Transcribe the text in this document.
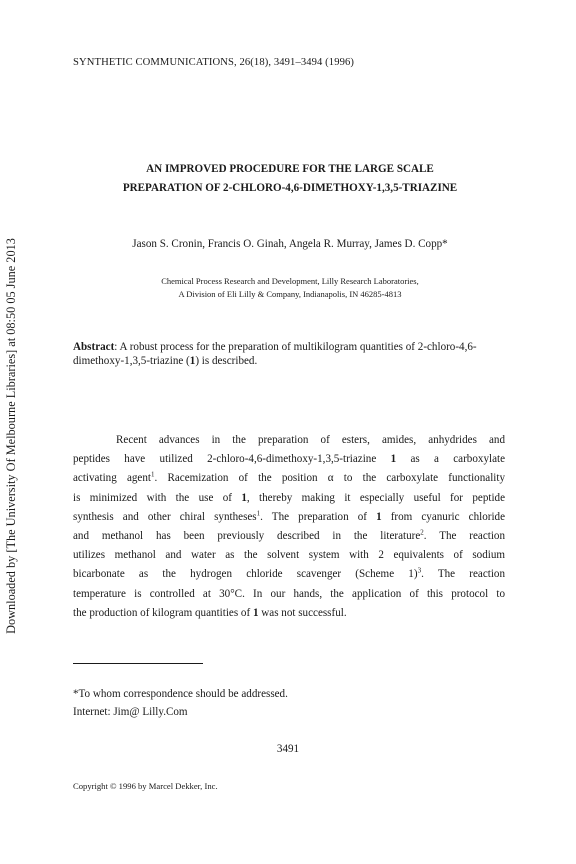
Downloaded by [The University Of Melbourne Libraries] at 08:50 05 June 2013
SYNTHETIC COMMUNICATIONS, 26(18), 3491–3494 (1996)
AN IMPROVED PROCEDURE FOR THE LARGE SCALE
PREPARATION OF 2-CHLORO-4,6-DIMETHOXY-1,3,5-TRIAZINE
Jason S. Cronin, Francis O. Ginah, Angela R. Murray, James D. Copp*
Chemical Process Research and Development, Lilly Research Laboratories,
A Division of Eli Lilly & Company, Indianapolis, IN 46285-4813
Abstract: A robust process for the preparation of multikilogram quantities of 2-chloro-4,6-dimethoxy-1,3,5-triazine (1) is described.
Recent advances in the preparation of esters, amides, anhydrides and
peptides have utilized 2-chloro-4,6-dimethoxy-1,3,5-triazine 1 as a carboxylate
activating agent$^1$. Racemization of the position α to the carboxylate functionality
is minimized with the use of 1, thereby making it especially useful for peptide
synthesis and other chiral syntheses$^1$. The preparation of 1 from cyanuric chloride
and methanol has been previously described in the literature$^2$. The reaction
utilizes methanol and water as the solvent system with 2 equivalents of sodium
bicarbonate as the hydrogen chloride scavenger (Scheme 1)$^3$. The reaction
temperature is controlled at 30°C. In our hands, the application of this protocol to
the production of kilogram quantities of 1 was not successful.
*To whom correspondence should be addressed.
Internet: Jim@ Lilly.Com
3491
Copyright © 1996 by Marcel Dekker, Inc.
